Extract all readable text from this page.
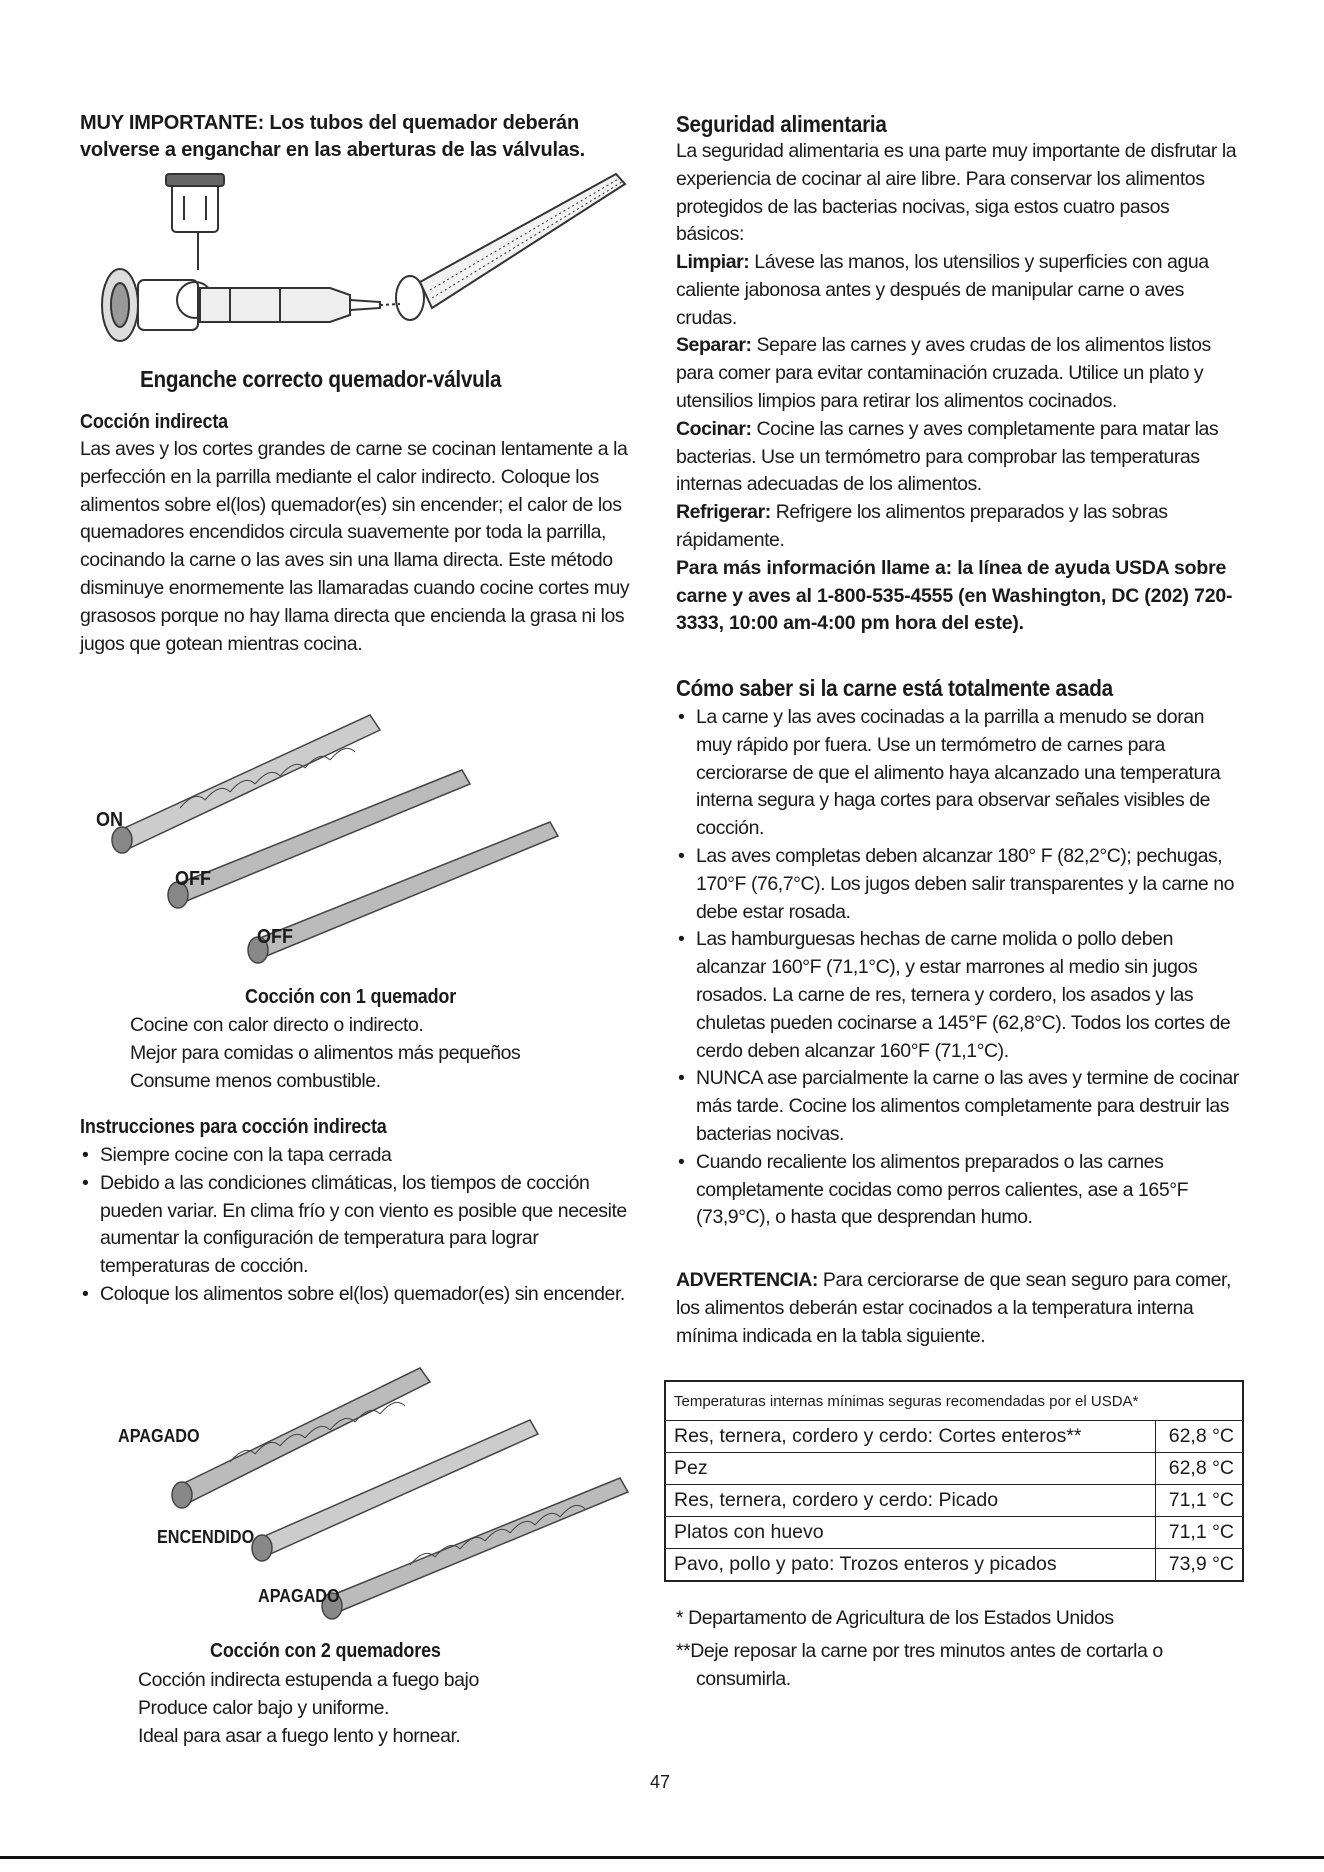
MUY IMPORTANTE: Los tubos del quemador deberán volverse a enganchar en las aberturas de las válvulas.
Enganche correcto quemador-válvula
Cocción indirecta
Las aves y los cortes grandes de carne se cocinan lentamente a la perfección en la parrilla mediante el calor indirecto. Coloque los alimentos sobre el(los) quemador(es) sin encender; el calor de los quemadores encendidos circula suavemente por toda la parrilla, cocinando la carne o las aves sin una llama directa. Este método disminuye enormemente las llamaradas cuando cocine cortes muy grasosos porque no hay llama directa que encienda la grasa ni los jugos que gotean mientras cocina.
ON
OFF
OFF
Cocción con 1 quemador
Cocine con calor directo o indirecto.
Mejor para comidas o alimentos más pequeños
Consume menos combustible.
Instrucciones para cocción indirecta
• Siempre cocine con la tapa cerrada
• Debido a las condiciones climáticas, los tiempos de cocción pueden variar. En clima frío y con viento es posible que necesite aumentar la configuración de temperatura para lograr temperaturas de cocción.
• Coloque los alimentos sobre el(los) quemador(es) sin encender.
APAGADO
ENCENDIDO
APAGADO
Cocción con 2 quemadores
Cocción indirecta estupenda a fuego bajo
Produce calor bajo y uniforme.
Ideal para asar a fuego lento y hornear.
Seguridad alimentaria
La seguridad alimentaria es una parte muy importante de disfrutar la experiencia de cocinar al aire libre. Para conservar los alimentos protegidos de las bacterias nocivas, siga estos cuatro pasos básicos:
Limpiar: Lávese las manos, los utensilios y superficies con agua caliente jabonosa antes y después de manipular carne o aves crudas.
Separar: Separe las carnes y aves crudas de los alimentos listos para comer para evitar contaminación cruzada. Utilice un plato y utensilios limpios para retirar los alimentos cocinados.
Cocinar: Cocine las carnes y aves completamente para matar las bacterias. Use un termómetro para comprobar las temperaturas internas adecuadas de los alimentos.
Refrigerar: Refrigere los alimentos preparados y las sobras rápidamente.
Para más información llame a: la línea de ayuda USDA sobre carne y aves al 1-800-535-4555 (en Washington, DC (202) 720-3333, 10:00 am-4:00 pm hora del este).
Cómo saber si la carne está totalmente asada
• La carne y las aves cocinadas a la parrilla a menudo se doran muy rápido por fuera. Use un termómetro de carnes para cerciorarse de que el alimento haya alcanzado una temperatura interna segura y haga cortes para observar señales visibles de cocción.
• Las aves completas deben alcanzar 180° F (82,2°C); pechugas, 170°F (76,7°C). Los jugos deben salir transparentes y la carne no debe estar rosada.
• Las hamburguesas hechas de carne molida o pollo deben alcanzar 160°F (71,1°C), y estar marrones al medio sin jugos rosados. La carne de res, ternera y cordero, los asados y las chuletas pueden cocinarse a 145°F (62,8°C). Todos los cortes de cerdo deben alcanzar 160°F (71,1°C).
• NUNCA ase parcialmente la carne o las aves y termine de cocinar más tarde. Cocine los alimentos completamente para destruir las bacterias nocivas.
• Cuando recaliente los alimentos preparados o las carnes completamente cocidas como perros calientes, ase a 165°F (73,9°C), o hasta que desprendan humo.
ADVERTENCIA: Para cerciorarse de que sean seguro para comer, los alimentos deberán estar cocinados a la temperatura interna mínima indicada en la tabla siguiente.
Temperaturas internas mínimas seguras recomendadas por el USDA*	
Res, ternera, cordero y cerdo: Cortes enteros**	62,8 °C
Pez	62,8 °C
Res, ternera, cordero y cerdo: Picado	71,1 °C
Platos con huevo	71,1 °C
Pavo, pollo y pato: Trozos enteros y picados	73,9 °C
* Departamento de Agricultura de los Estados Unidos
**Deje reposar la carne por tres minutos antes de cortarla o consumirla.
47
